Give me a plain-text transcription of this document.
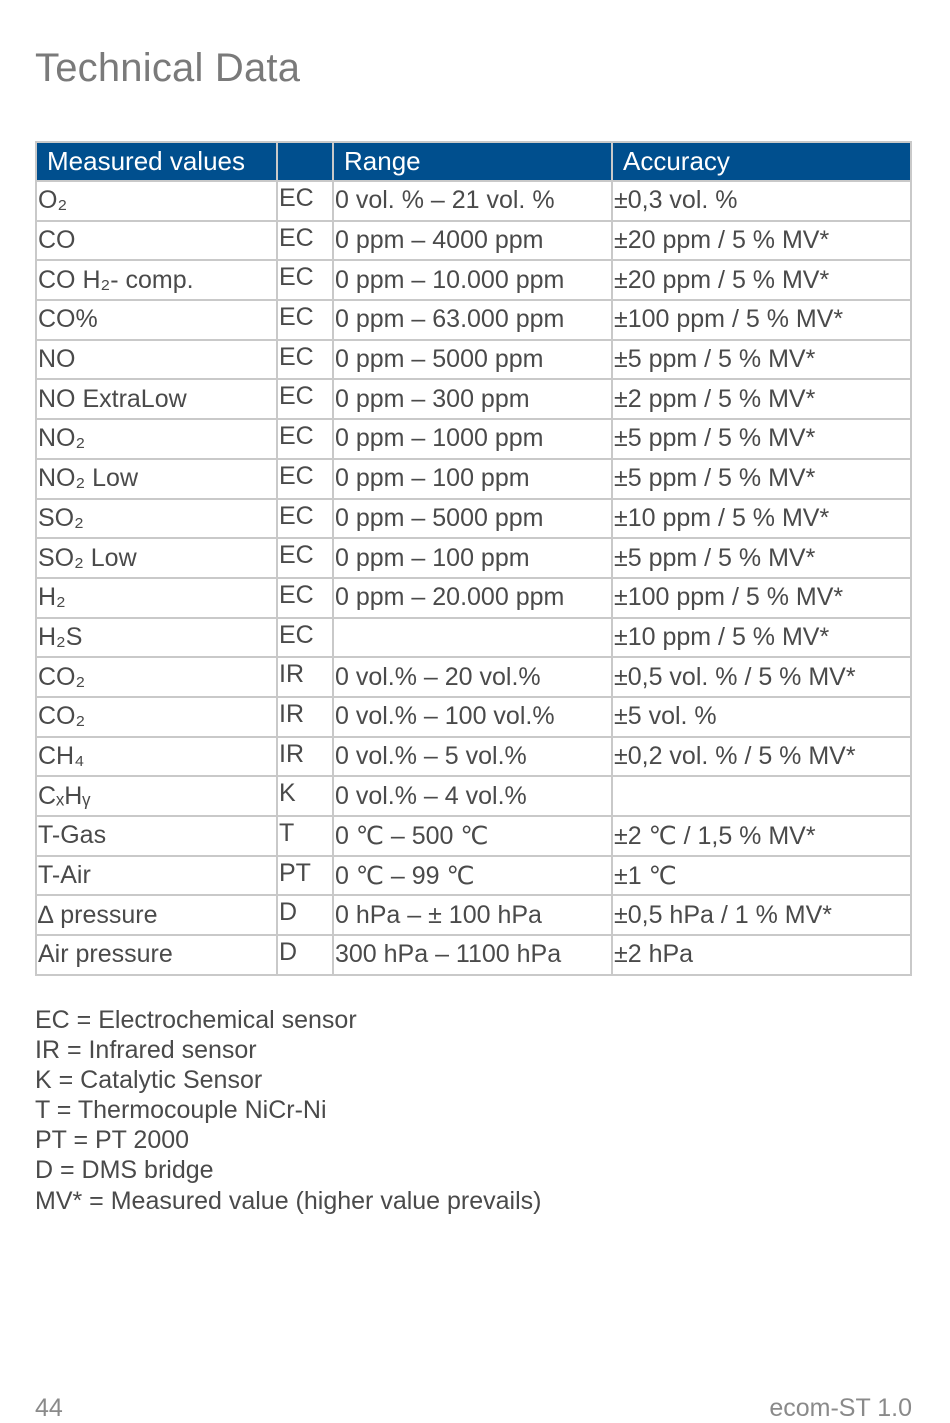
Technical Data
Measured values		Range	Accuracy
O₂	EC	0 vol. % – 21 vol. %	±0,3 vol. %
CO	EC	0 ppm – 4000 ppm	±20 ppm / 5 % MV*
CO H₂- comp.	EC	0 ppm – 10.000 ppm	±20 ppm / 5 % MV*
CO%	EC	0 ppm – 63.000 ppm	±100 ppm / 5 % MV*
NO	EC	0 ppm – 5000 ppm	±5 ppm / 5 % MV*
NO ExtraLow	EC	0 ppm – 300 ppm	±2 ppm / 5 % MV*
NO₂	EC	0 ppm – 1000 ppm	±5 ppm / 5 % MV*
NO₂ Low	EC	0 ppm – 100 ppm	±5 ppm / 5 % MV*
SO₂	EC	0 ppm – 5000 ppm	±10 ppm / 5 % MV*
SO₂ Low	EC	0 ppm – 100 ppm	±5 ppm / 5 % MV*
H₂	EC	0 ppm – 20.000 ppm	±100 ppm / 5 % MV*
H₂S	EC		±10 ppm / 5 % MV*
CO₂	IR	0 vol.% – 20 vol.%	±0,5 vol. % / 5 % MV*
CO₂	IR	0 vol.% – 100 vol.%	±5 vol. %
CH₄	IR	0 vol.% – 5 vol.%	±0,2 vol. % / 5 % MV*
CₓHᵧ	K	0 vol.% – 4 vol.%	
T-Gas	T	0 ℃ – 500 ℃	±2 ℃ / 1,5 % MV*
T-Air	PT	0 ℃ – 99 ℃	±1 ℃
∆ pressure	D	0 hPa – ± 100 hPa	±0,5 hPa / 1 % MV*
Air pressure	D	300 hPa – 1100 hPa	±2 hPa
EC = Electrochemical sensor
IR = Infrared sensor
K = Catalytic Sensor
T = Thermocouple NiCr-Ni
PT = PT 2000
D = DMS bridge
MV* = Measured value (higher value prevails)
44	ecom-ST 1.0
